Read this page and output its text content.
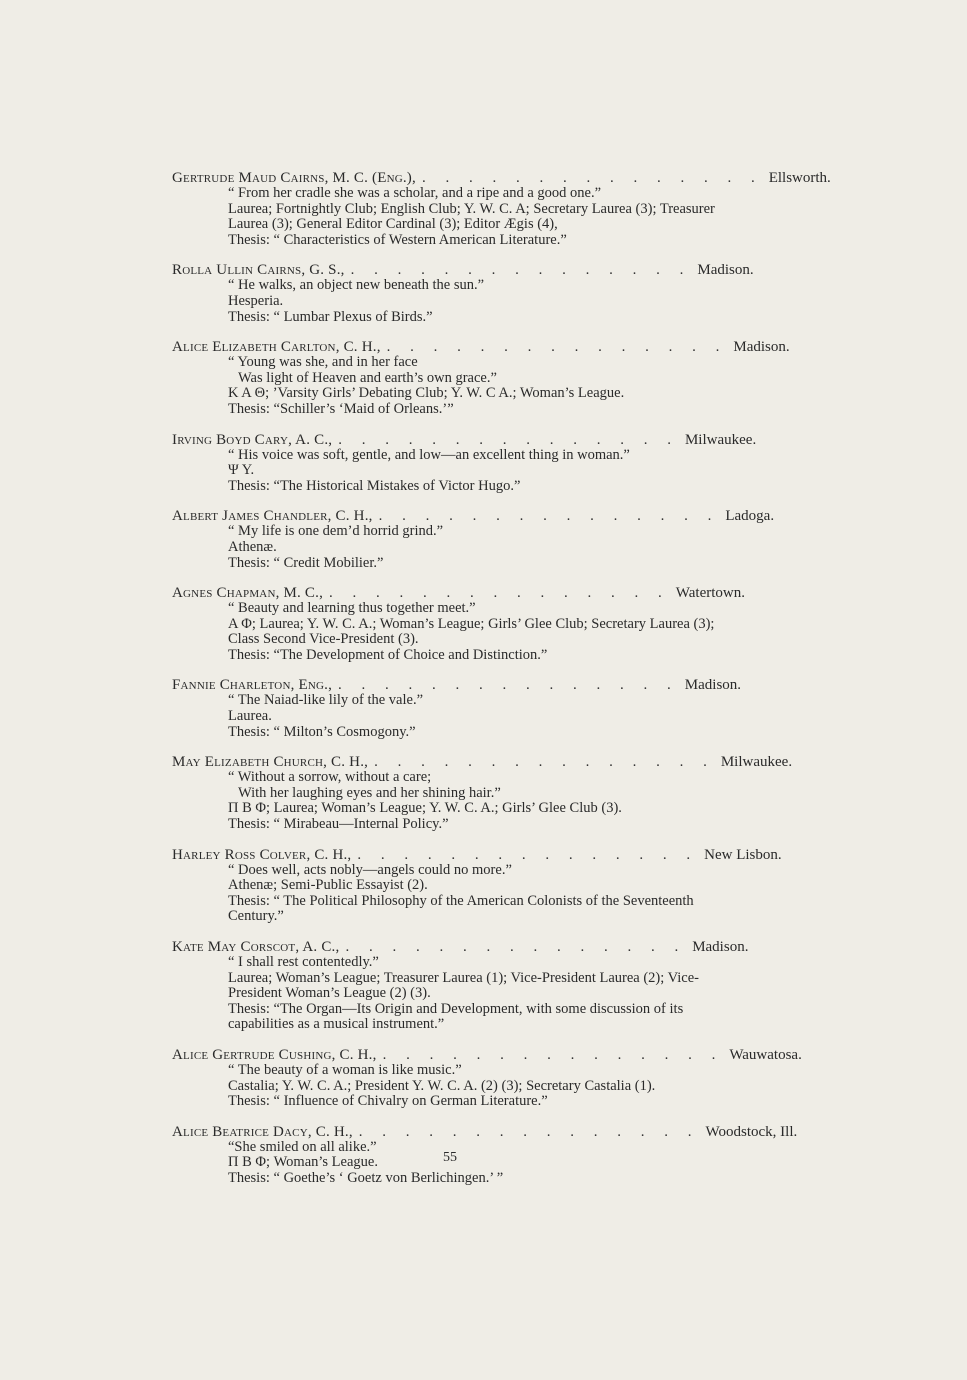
Gertrude Maud Cairns, M. C. (Eng.), . . . . . . . . . . . . . . . Ellsworth.

“ From her cradle she was a scholar, and a ripe and a good one.”

Laurea; Fortnightly Club; English Club; Y. W. C. A; Secretary Laurea (3); Treasurer Laurea (3); General Editor Cardinal (3); Editor Ægis (4),

Thesis: “ Characteristics of Western American Literature.”

Rolla Ullin Cairns, G. S., . . . . . . . . . . . . . . . Madison.

“ He walks, an object new beneath the sun.”

Hesperia.

Thesis: “ Lumbar Plexus of Birds.”

Alice Elizabeth Carlton, C. H., . . . . . . . . . . . . . . . Madison.

“ Young was she, and in her face

Was light of Heaven and earth’s own grace.”

Κ Α Θ; ’Varsity Girls’ Debating Club; Y. W. C A.; Woman’s League.

Thesis: “Schiller’s ‘Maid of Orleans.’”

Irving Boyd Cary, A. C., . . . . . . . . . . . . . . . Milwaukee.

“ His voice was soft, gentle, and low—an excellent thing in woman.”

Ψ Υ.

Thesis: “The Historical Mistakes of Victor Hugo.”

Albert James Chandler, C. H., . . . . . . . . . . . . . . . Ladoga.

“ My life is one dem’d horrid grind.”

Athenæ.

Thesis: “ Credit Mobilier.”

Agnes Chapman, M. C., . . . . . . . . . . . . . . . Watertown.

“ Beauty and learning thus together meet.”

Α Φ; Laurea; Y. W. C. A.; Woman’s League; Girls’ Glee Club; Secretary Laurea (3); Class Second Vice-President (3).

Thesis: “The Development of Choice and Distinction.”

Fannie Charleton, Eng., . . . . . . . . . . . . . . . Madison.

“ The Naiad-like lily of the vale.”

Laurea.

Thesis: “ Milton’s Cosmogony.”

May Elizabeth Church, C. H., . . . . . . . . . . . . . . . Milwaukee.

“ Without a sorrow, without a care;

With her laughing eyes and her shining hair.”

Π Β Φ; Laurea; Woman’s League; Y. W. C. A.; Girls’ Glee Club (3).

Thesis: “ Mirabeau—Internal Policy.”

Harley Ross Colver, C. H., . . . . . . . . . . . . . . . New Lisbon.

“ Does well, acts nobly—angels could no more.”

Athenæ; Semi-Public Essayist (2).

Thesis: “ The Political Philosophy of the American Colonists of the Seventeenth Century.”

Kate May Corscot, A. C., . . . . . . . . . . . . . . . Madison.

“ I shall rest contentedly.”

Laurea; Woman’s League; Treasurer Laurea (1); Vice-President Laurea (2); Vice-President Woman’s League (2) (3).

Thesis: “The Organ—Its Origin and Development, with some discussion of its capabilities as a musical instrument.”

Alice Gertrude Cushing, C. H., . . . . . . . . . . . . . . . Wauwatosa.

“ The beauty of a woman is like music.”

Castalia; Y. W. C. A.; President Y. W. C. A. (2) (3); Secretary Castalia (1).

Thesis: “ Influence of Chivalry on German Literature.”

Alice Beatrice Dacy, C. H., . . . . . . . . . . . . . . . Woodstock, Ill.

“She smiled on all alike.”

Π Β Φ; Woman’s League.

Thesis: “ Goethe’s ‘ Goetz von Berlichingen.’ ”

55
